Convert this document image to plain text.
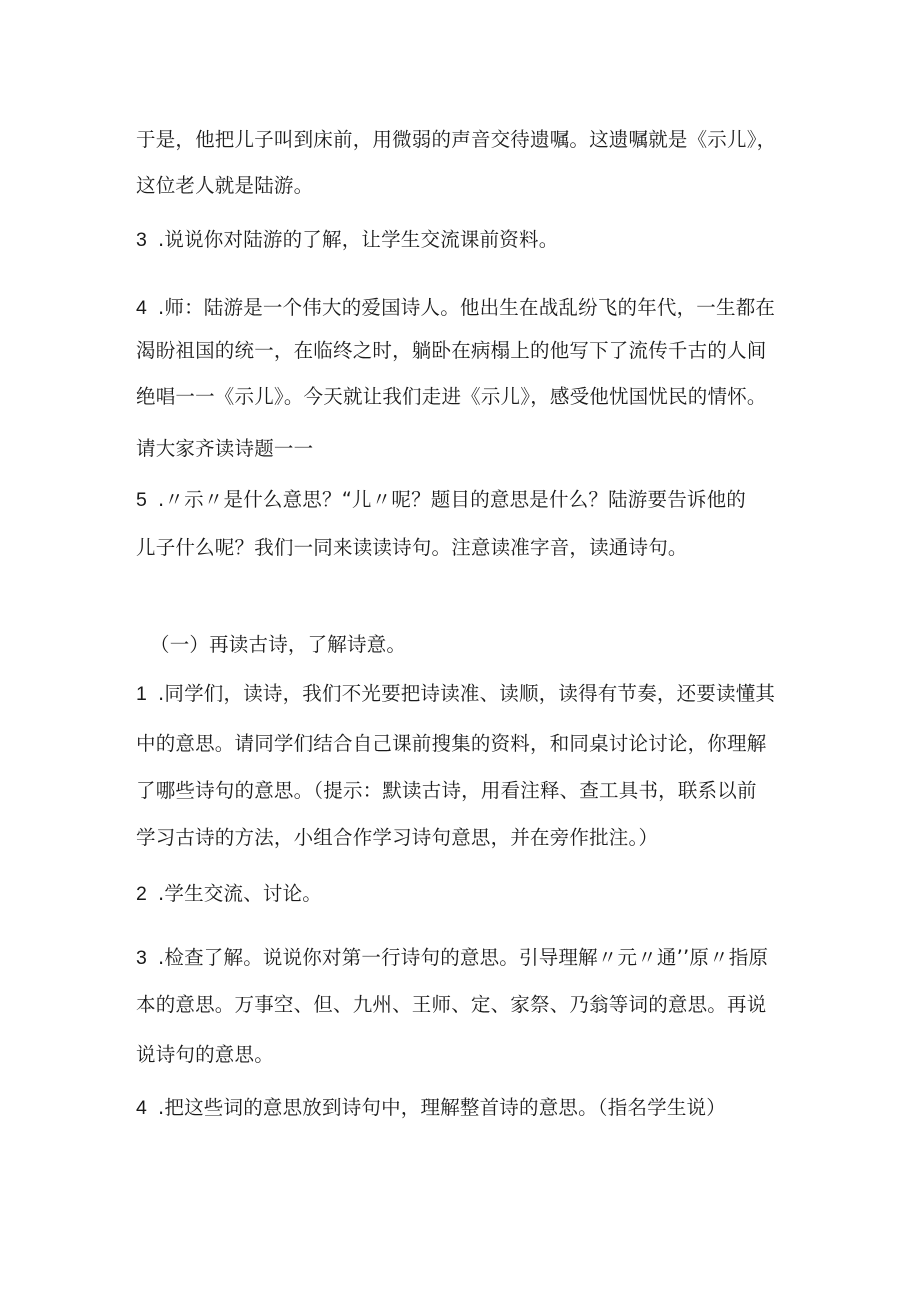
于是，他把儿子叫到床前，用微弱的声音交待遗嘱。这遗嘱就是《示儿》，
这位老人就是陆游。
3 .说说你对陆游的了解，让学生交流课前资料。
4 .师：陆游是一个伟大的爱国诗人。他出生在战乱纷飞的年代，一生都在
渴盼祖国的统一，在临终之时，躺卧在病榻上的他写下了流传千古的人间
绝唱一一《示儿》。今天就让我们走进《示儿》，感受他忧国忧民的情怀。
请大家齐读诗题一一
5 .〃示〃是什么意思？“儿〃呢？题目的意思是什么？陆游要告诉他的
儿子什么呢？我们一同来读读诗句。注意读准字音，读通诗句。
（一）再读古诗，了解诗意。
1 .同学们，读诗，我们不光要把诗读准、读顺，读得有节奏，还要读懂其
中的意思。请同学们结合自己课前搜集的资料，和同桌讨论讨论，你理解
了哪些诗句的意思。（提示：默读古诗，用看注释、查工具书，联系以前
学习古诗的方法，小组合作学习诗句意思，并在旁作批注。）
2 .学生交流、讨论。
3 .检查了解。说说你对第一行诗句的意思。引导理解〃元〃通’’原〃指原
本的意思。万事空、但、九州、王师、定、家祭、乃翁等词的意思。再说
说诗句的意思。
4 .把这些词的意思放到诗句中，理解整首诗的意思。（指名学生说）
